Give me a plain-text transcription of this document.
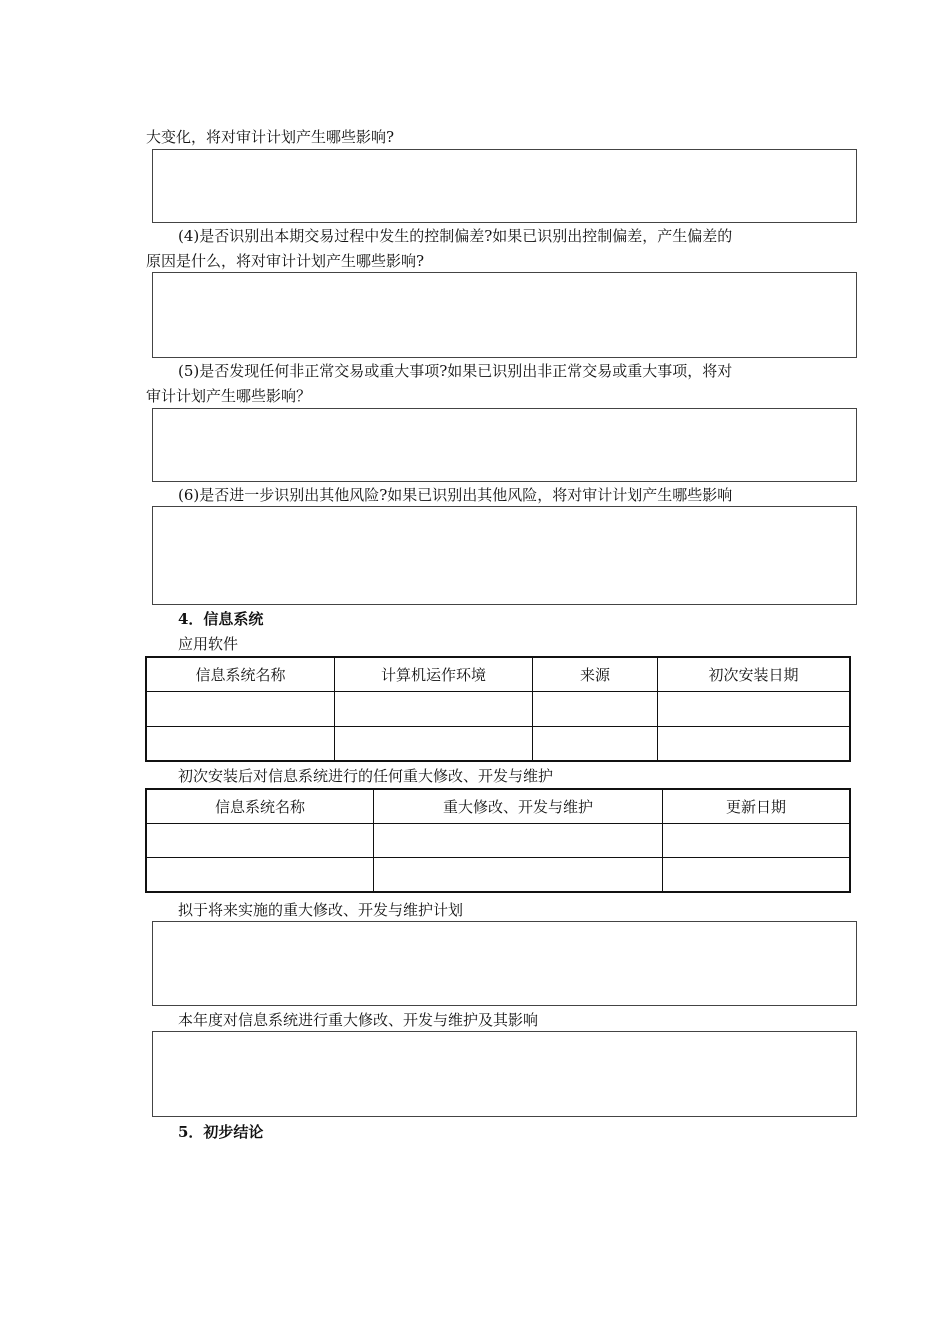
大变化，将对审计计划产生哪些影响?
(4)是否识别出本期交易过程中发生的控制偏差?如果已识别出控制偏差，产生偏差的
原因是什么，将对审计计划产生哪些影响?
(5)是否发现任何非正常交易或重大事项?如果已识别出非正常交易或重大事项，将对
审计计划产生哪些影响？
(6)是否进一步识别出其他风险?如果已识别出其他风险，将对审计计划产生哪些影响
4．信息系统
应用软件
信息系统名称	计算机运作环境	来源	初次安装日期

初次安装后对信息系统进行的任何重大修改、开发与维护
信息系统名称	重大修改、开发与维护	更新日期

拟于将来实施的重大修改、开发与维护计划
本年度对信息系统进行重大修改、开发与维护及其影响
5．初步结论
